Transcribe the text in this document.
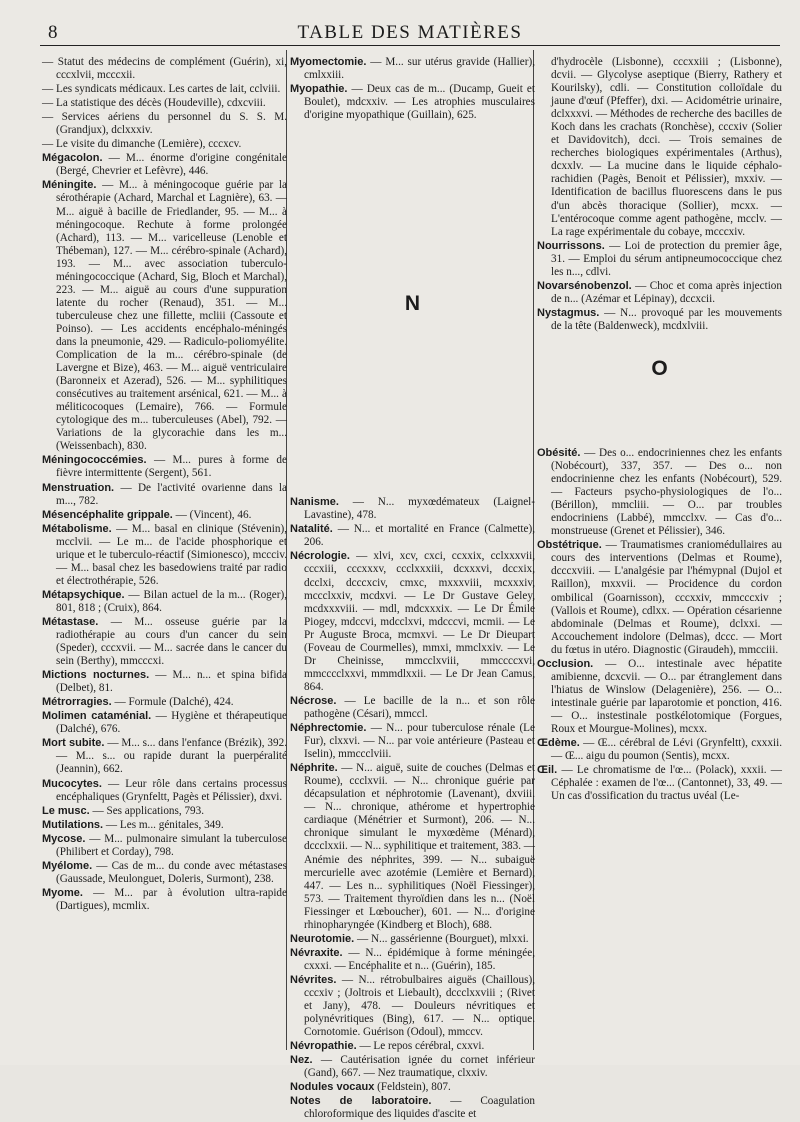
8	TABLE DES MATIÈRES

— Statut des médecins de complément (Guérin), xi, cccxlvii, mcccxii.

— Les syndicats médicaux. Les cartes de lait, cclviii.

— La statistique des décès (Houdeville), cdxcviii.

— Services aériens du personnel du S. S. M. (Grandjux), dclxxxiv.

— Le visite du dimanche (Lemière), cccxcv.

Mégacolon. — M... énorme d'origine congénitale (Bergé, Chevrier et Lefèvre), 446.

Méningite. — M... à méningocoque guérie par la sérothérapie (Achard, Marchal et Lagnière), 63. — M... aiguë à bacille de Friedlander, 95. — M... à méningocoque. Rechute à forme prolongée (Achard), 113. — M... varicelleuse (Lenoble et Thébeman), 127. — M... cérébro-spinale (Achard), 193. — M... avec association tuberculo-méningococcique (Achard, Sig, Bloch et Marchal), 223. — M... aiguë au cours d'une suppuration latente du rocher (Renaud), 351. — M... tuberculeuse chez une fillette, mcliii (Cassoute et Poinso). — Les accidents encéphalo-méningés dans la pneumonie, 429. — Radiculo-poliomyélite. Complication de la m... cérébro-spinale (de Lavergne et Bize), 463. — M... aiguë ventriculaire (Baronneix et Azerad), 526. — M... syphilitiques consécutives au traitement arsénical, 621. — M... à méliticocoques (Lemaire), 766. — Formule cytologique des m... tuberculeuses (Abel), 792. — Variations de la glycorachie dans les m... (Weissenbach), 830.

Méningococcémies. — M... pures à forme de fièvre intermittente (Sergent), 561.

Menstruation. — De l'activité ovarienne dans la m..., 782.

Mésencéphalite grippale. — (Vincent), 46.

Métabolisme. — M... basal en clinique (Stévenin), mcclvii. — Le m... de l'acide phosphorique et urique et le tuberculo-réactif (Simionesco), mccciv. — M... basal chez les basedowiens traité par radio et électrothérapie, 526.

Métapsychique. — Bilan actuel de la m... (Roger), 801, 818 ; (Cruix), 864.

Métastase. — M... osseuse guérie par la radiothérapie au cours d'un cancer du sein (Speder), cccxvii. — M... sacrée dans le cancer du sein (Berthy), mmcccxi.

Mictions nocturnes. — M... n... et spina bifida (Delbet), 81.

Métrorragies. — Formule (Dalché), 424.

Molimen cataménial. — Hygiène et thérapeutique (Dalché), 676.

Mort subite. — M... s... dans l'enfance (Brézik), 392. — M... s... ou rapide durant la puerpéralité (Jeannin), 662.

Mucocytes. — Leur rôle dans certains processus encéphaliques (Grynfeltt, Pagès et Pélissier), dxvi.

Le musc. — Ses applications, 793.

Mutilations. — Les m... génitales, 349.

Mycose. — M... pulmonaire simulant la tuberculose (Philibert et Corday), 798.

Myélome. — Cas de m... du conde avec métastases (Gaussade, Meulonguet, Doleris, Surmont), 238.

Myome. — M... par à évolution ultra-rapide (Dartigues), mcmlix.

Myomectomie. — M... sur utérus gravide (Hallier), cmlxxiii.

Myopathie. — Deux cas de m... (Ducamp, Gueit et Boulet), mdcxxiv. — Les atrophies musculaires d'origine myopathique (Guillain), 625.

N

Nanisme. — N... myxœdémateux (Laignel-Lavastine), 478.

Natalité. — N... et mortalité en France (Calmette), 206.

Nécrologie. — xlvi, xcv, cxci, ccxxix, cclxxxvii, cccxiii, cccxxxv, ccclxxxiii, dcxxxvi, dccxix, dcclxi, dcccxciv, cmxc, mxxxviii, mcxxxiv, mccclxxiv, mcdxvi. — Le Dr Gustave Geley, mcdxxxviii. — mdl, mdcxxxix. — Le Dr Émile Piogey, mdccvi, mdcclxvi, mdcccvi, mcmii. — Le Pr Auguste Broca, mcmxvi. — Le Dr Dieupart (Foveau de Courmelles), mmxi, mmclxxiv. — Le Dr Cheinisse, mmcclxviii, mmccccxvi, mmcccclxxvi, mmmdlxxii. — Le Dr Jean Camus, 864.

Nécrose. — Le bacille de la n... et son rôle pathogène (Césari), mmccl.

Néphrectomie. — N... pour tuberculose rénale (Le Fur), clxxvi. — N... par voie antérieure (Pasteau et Iselin), mmccclviii.

Néphrite. — N... aiguë, suite de couches (Delmas et Roume), ccclxvii. — N... chronique guérie par décapsulation et néphrotomie (Lavenant), dxviii. — N... chronique, athérome et hypertrophie cardiaque (Ménétrier et Surmont), 206. — N... chronique simulant le myxœdème (Ménard), dccclxxii. — N... syphilitique et traitement, 383. — Anémie des néphrites, 399. — N... subaiguë mercurielle avec azotémie (Lemière et Bernard), 447. — Les n... syphilitiques (Noël Fiessinger), 573. — Traitement thyroïdien dans les n... (Noël Fiessinger et Lœboucher), 601. — N... d'origine rhinopharyngée (Kindberg et Bloch), 688.

Neurotomie. — N... gassérienne (Bourguet), mlxxi.

Névraxite. — N... épidémique à forme méningée, cxxxi. — Encéphalite et n... (Guérin), 185.

Névrites. — N... rétrobulbaires aiguës (Chaillous), cccxiv ; (Joltrois et Liebault), dccclxxviii ; (Rivet et Jany), 478. — Douleurs névritiques et polynévritiques (Bing), 617. — N... optique. Cornotomie. Guérison (Odoul), mmccv.

Névropathie. — Le repos cérébral, cxxvi.

Nez. — Cautérisation ignée du cornet inférieur (Gand), 667. — Nez traumatique, clxxiv.

Nodules vocaux (Feldstein), 807.

Notes de laboratoire. — Coagulation chloroformique des liquides d'ascite et

d'hydrocèle (Lisbonne), cccxxiii ; (Lisbonne), dcvii. — Glycolyse aseptique (Bierry, Rathery et Kourilsky), cdli. — Constitution colloïdale du jaune d'œuf (Pfeffer), dxi. — Acidométrie urinaire, dclxxxvi. — Méthodes de recherche des bacilles de Koch dans les crachats (Ronchèse), cccxiv (Solier et Davidovitch), dcci. — Trois semaines de recherches biologiques expérimentales (Arthus), dcxxlv. — La mucine dans le liquide céphalo-rachidien (Pagès, Benoit et Pélissier), mxxiv. — Identification de bacillus fluorescens dans le pus d'un abcès thoracique (Sollier), mcxx. — L'entérocoque comme agent pathogène, mcclv. — La rage expérimentale du cobaye, mcccxiv.

Nourrissons. — Loi de protection du premier âge, 31. — Emploi du sérum antipneumococcique chez les n..., cdlvi.

Novarsénobenzol. — Choc et coma après injection de n... (Azémar et Lépinay), dccxcii.

Nystagmus. — N... provoqué par les mouvements de la tête (Baldenweck), mcdxlviii.

O

Obésité. — Des o... endocriniennes chez les enfants (Nobécourt), 337, 357. — Des o... non endocrinienne chez les enfants (Nobécourt), 529. — Facteurs psycho-physiologiques de l'o... (Bérillon), mmcliii. — O... par troubles endocriniens (Labbé), mmcclxv. — Cas d'o... monstrueuse (Grenet et Pélissier), 346.

Obstétrique. — Traumatismes craniomédullaires au cours des interventions (Delmas et Roume), dcccxviii. — L'analgésie par l'hémypnal (Dujol et Raillon), mxxvii. — Procidence du cordon ombilical (Goarnisson), cccxxiv, mmcccxiv ; (Vallois et Roume), cdlxx. — Opération césarienne abdominale (Delmas et Roume), dclxxi. — Accouchement indolore (Delmas), dccc. — Mort du fœtus in utéro. Diagnostic (Giraudeh), mmcciii.

Occlusion. — O... intestinale avec hépatite amibienne, dcxcvii. — O... par étranglement dans l'hiatus de Winslow (Delagenière), 256. — O... intestinale guérie par laparotomie et ponction, 416. — O... instestinale postkélotomique (Forgues, Roux et Mourgue-Molines), mcxx.

Œdème. — Œ... cérébral de Lévi (Grynfeltt), cxxxii. — Œ... aigu du poumon (Sentis), mcxx.

Œil. — Le chromatisme de l'œ... (Polack), xxxii. — Céphalée : examen de l'œ... (Cantonnet), 33, 49. — Un cas d'ossification du tractus uvéal (Le-
